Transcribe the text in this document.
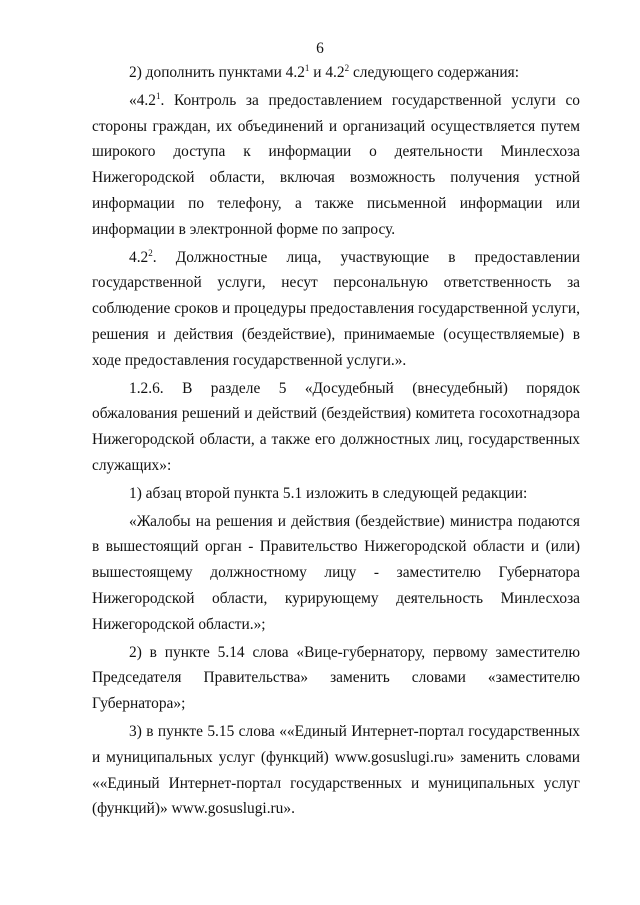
6

2) дополнить пунктами $4.2^1$ и $4.2^2$ следующего содержания:

«$4.2^1$. Контроль за предоставлением государственной услуги со стороны граждан, их объединений и организаций осуществляется путем широкого доступа к информации о деятельности Минлесхоза Нижегородской области, включая возможность получения устной информации по телефону, а также письменной информации или информации в электронной форме по запросу.

$4.2^2$. Должностные лица, участвующие в предоставлении государственной услуги, несут персональную ответственность за соблюдение сроков и процедуры предоставления государственной услуги, решения и действия (бездействие), принимаемые (осуществляемые) в ходе предоставления государственной услуги.».

1.2.6. В разделе 5 «Досудебный (внесудебный) порядок обжалования решений и действий (бездействия) комитета госохотнадзора Нижегородской области, а также его должностных лиц, государственных служащих»:

1) абзац второй пункта 5.1 изложить в следующей редакции:

«Жалобы на решения и действия (бездействие) министра подаются в вышестоящий орган - Правительство Нижегородской области и (или) вышестоящему должностному лицу - заместителю Губернатора Нижегородской области, курирующему деятельность Минлесхоза Нижегородской области.»;

2) в пункте 5.14 слова «Вице-губернатору, первому заместителю Председателя Правительства» заменить словами «заместителю Губернатора»;

3) в пункте 5.15 слова ««Единый Интернет-портал государственных и муниципальных услуг (функций) www.gosuslugi.ru» заменить словами ««Единый Интернет-портал государственных и муниципальных услуг (функций)» www.gosuslugi.ru».
